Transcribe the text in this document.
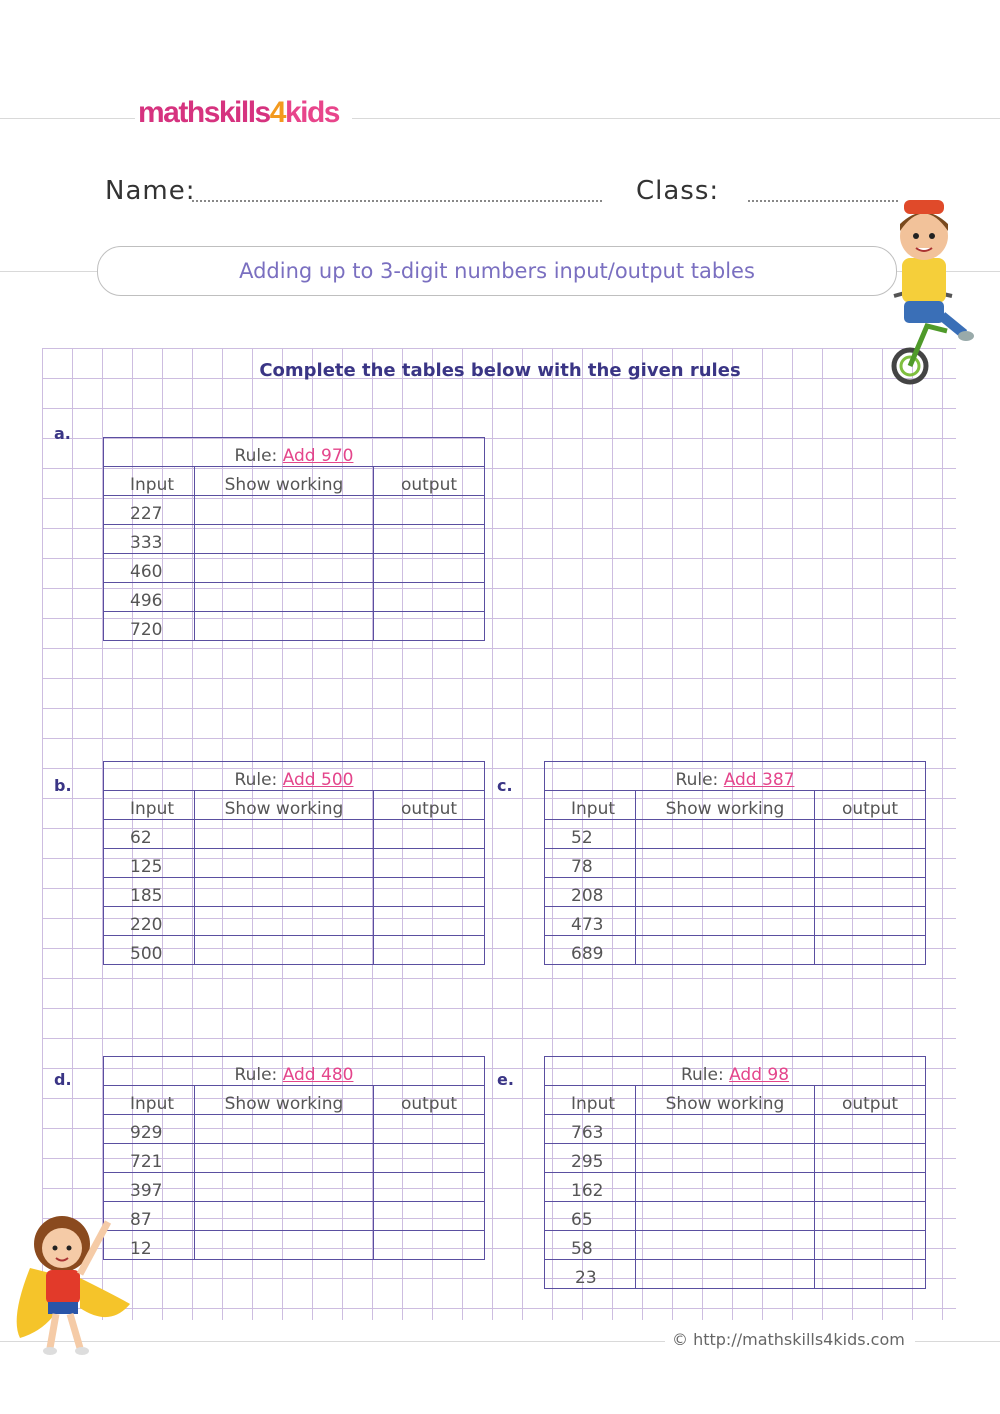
mathskills4kids
Name:	Class:
Adding up to 3-digit numbers input/output tables
Complete the tables below with the given rules
a.
Rule: Add 970		
Input	Show working	output
227		
333		
460		
496		
720		
b.	Rule: Add 500		
Input	Show working	output
62		
125		
185		
220		
500		
c.	Rule: Add 387		
Input	Show working	output
52		
78		
208		
473		
689		
d.	Rule: Add 480		
Input	Show working	output
929		
721		
397		
87		
12		
e.	Rule: Add 98		
Input	Show working	output
763		
295		
162		
65		
58		
23		
© http://mathskills4kids.com
